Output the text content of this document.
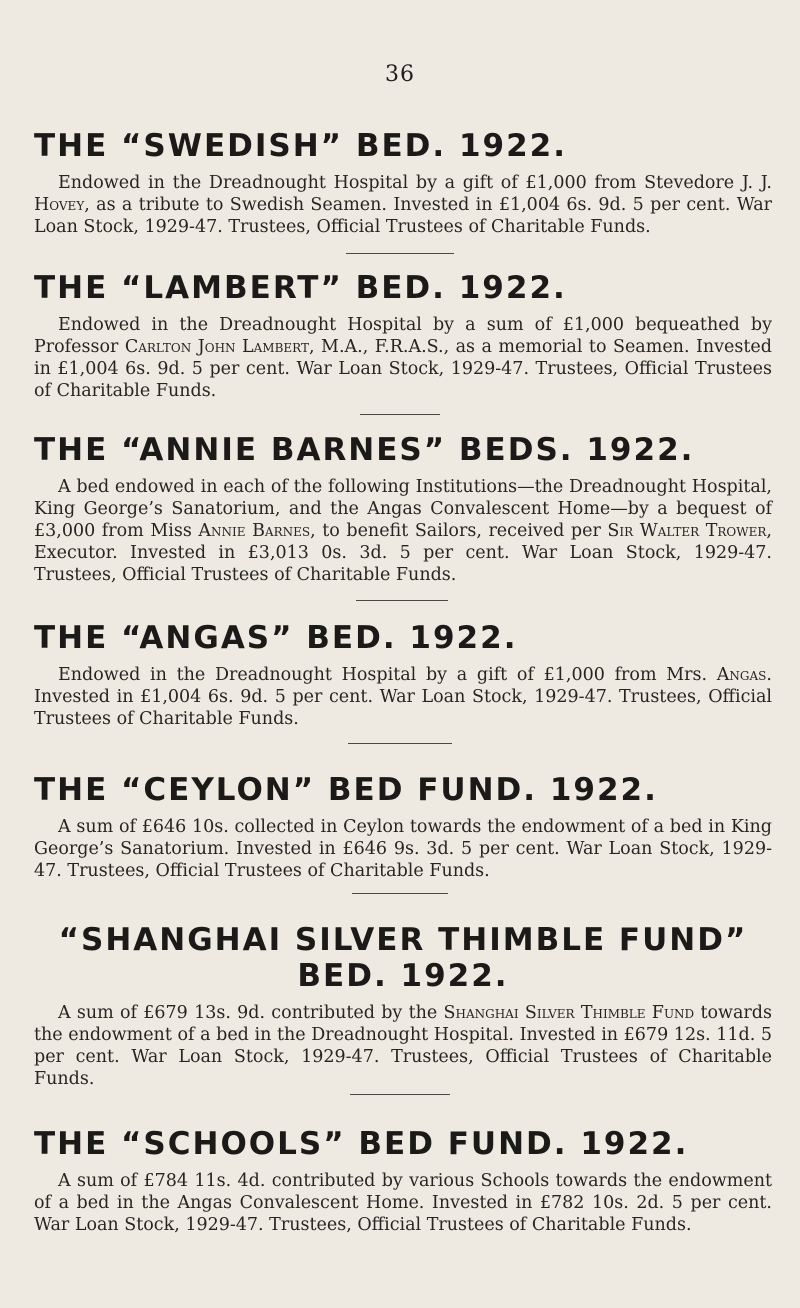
36
THE “SWEDISH” BED. 1922.

Endowed in the Dreadnought Hospital by a gift of £1,000 from Stevedore J. J. Hovey, as a tribute to Swedish Seamen. Invested in £1,004 6s. 9d. 5 per cent. War Loan Stock, 1929-47. Trustees, Official Trustees of Charitable Funds.

THE “LAMBERT” BED. 1922.

Endowed in the Dreadnought Hospital by a sum of £1,000 bequeathed by Professor Carlton John Lambert, M.A., F.R.A.S., as a memorial to Seamen. Invested in £1,004 6s. 9d. 5 per cent. War Loan Stock, 1929-47. Trustees, Official Trustees of Charitable Funds.

THE “ANNIE BARNES” BEDS. 1922.

A bed endowed in each of the following Institutions—the Dreadnought Hospital, King George’s Sanatorium, and the Angas Convalescent Home—by a bequest of £3,000 from Miss Annie Barnes, to benefit Sailors, received per Sir Walter Trower, Executor. Invested in £3,013 0s. 3d. 5 per cent. War Loan Stock, 1929-47. Trustees, Official Trustees of Charitable Funds.

THE “ANGAS” BED. 1922.

Endowed in the Dreadnought Hospital by a gift of £1,000 from Mrs. Angas. Invested in £1,004 6s. 9d. 5 per cent. War Loan Stock, 1929-47. Trustees, Official Trustees of Charitable Funds.

THE “CEYLON” BED FUND. 1922.

A sum of £646 10s. collected in Ceylon towards the endowment of a bed in King George’s Sanatorium. Invested in £646 9s. 3d. 5 per cent. War Loan Stock, 1929-47. Trustees, Official Trustees of Charitable Funds.

“SHANGHAI SILVER THIMBLE FUND”
BED. 1922.

A sum of £679 13s. 9d. contributed by the Shanghai Silver Thimble Fund towards the endowment of a bed in the Dreadnought Hospital. Invested in £679 12s. 11d. 5 per cent. War Loan Stock, 1929-47. Trustees, Official Trustees of Charitable Funds.

THE “SCHOOLS” BED FUND. 1922.

A sum of £784 11s. 4d. contributed by various Schools towards the endowment of a bed in the Angas Convalescent Home. Invested in £782 10s. 2d. 5 per cent. War Loan Stock, 1929-47. Trustees, Official Trustees of Charitable Funds.
